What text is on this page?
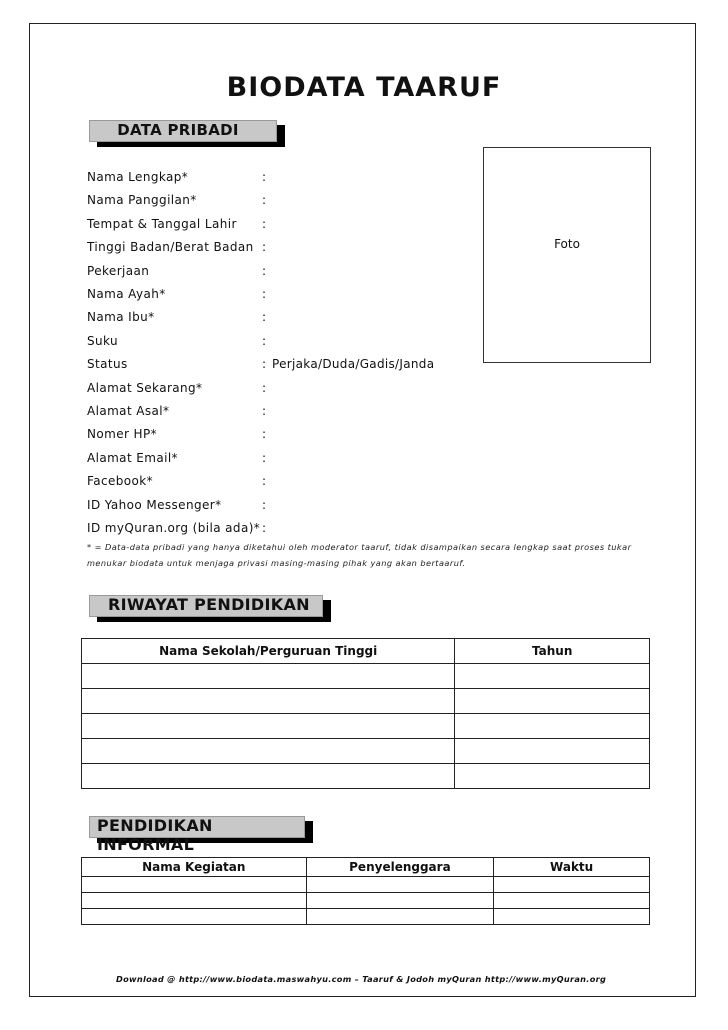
BIODATA TAARUF
DATA PRIBADI
Nama Lengkap*	:
Nama Panggilan*	:
Tempat & Tanggal Lahir :
Tinggi Badan/Berat Badan :
Pekerjaan	:
Nama Ayah*	:
Nama Ibu*	:
Suku	:
Status	: Perjaka/Duda/Gadis/Janda
Alamat Sekarang*	:
Alamat Asal*	:
Nomer HP*	:
Alamat Email*	:
Facebook*	:
ID Yahoo Messenger*	:
ID myQuran.org (bila ada)* :
Foto
* = Data-data pribadi yang hanya diketahui oleh moderator taaruf, tidak disampaikan secara lengkap saat proses tukar
menukar biodata untuk menjaga privasi masing-masing pihak yang akan bertaaruf.
RIWAYAT PENDIDIKAN
Nama Sekolah/Perguruan Tinggi	Tahun

PENDIDIKAN INFORMAL
Nama Kegiatan	Penyelenggara	Waktu

Download @ http://www.biodata.maswahyu.com – Taaruf & Jodoh myQuran http://www.myQuran.org
